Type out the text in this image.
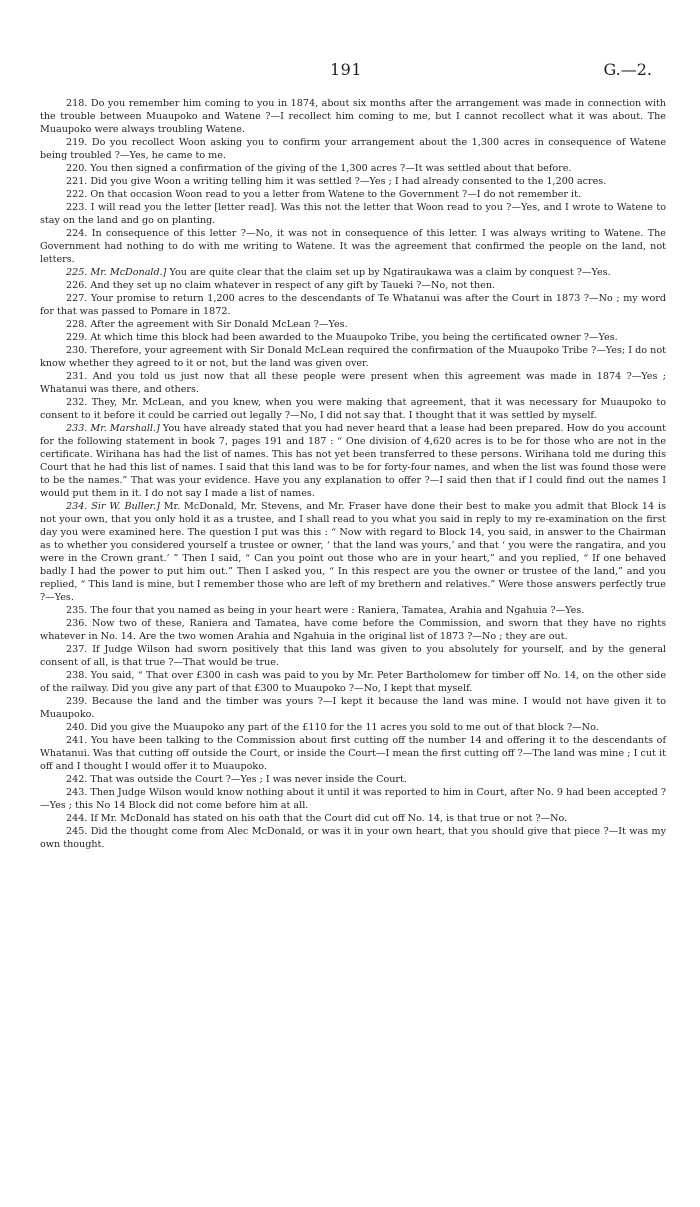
191	G.—2.

218. Do you remember him coming to you in 1874, about six months after the arrangement was made in connection with the trouble between Muaupoko and Watene ?—I recollect him coming to me, but I cannot recollect what it was about. The Muaupoko were always troubling Watene.

219. Do you recollect Woon asking you to confirm your arrangement about the 1,300 acres in consequence of Watene being troubled ?—Yes, he came to me.

220. You then signed a confirmation of the giving of the 1,300 acres ?—It was settled about that before.

221. Did you give Woon a writing telling him it was settled ?—Yes ; I had already consented to the 1,200 acres.

222. On that occasion Woon read to you a letter from Watene to the Government ?—I do not remember it.

223. I will read you the letter [letter read]. Was this not the letter that Woon read to you ?—Yes, and I wrote to Watene to stay on the land and go on planting.

224. In consequence of this letter ?—No, it was not in consequence of this letter. I was always writing to Watene. The Government had nothing to do with me writing to Watene. It was the agreement that confirmed the people on the land, not letters.

225. Mr. McDonald.] You are quite clear that the claim set up by Ngatiraukawa was a claim by conquest ?—Yes.

226. And they set up no claim whatever in respect of any gift by Taueki ?—No, not then.

227. Your promise to return 1,200 acres to the descendants of Te Whatanui was after the Court in 1873 ?—No ; my word for that was passed to Pomare in 1872.

228. After the agreement with Sir Donald McLean ?—Yes.

229. At which time this block had been awarded to the Muaupoko Tribe, you being the certificated owner ?—Yes.

230. Therefore, your agreement with Sir Donald McLean required the confirmation of the Muaupoko Tribe ?—Yes; I do not know whether they agreed to it or not, but the land was given over.

231. And you told us just now that all these people were present when this agreement was made in 1874 ?—Yes ; Whatanui was there, and others.

232. They, Mr. McLean, and you knew, when you were making that agreement, that it was necessary for Muaupoko to consent to it before it could be carried out legally ?—No, I did not say that. I thought that it was settled by myself.

233. Mr. Marshall.] You have already stated that you had never heard that a lease had been prepared. How do you account for the following statement in book 7, pages 191 and 187 : “ One division of 4,620 acres is to be for those who are not in the certificate. Wirihana has had the list of names. This has not yet been transferred to these persons. Wirihana told me during this Court that he had this list of names. I said that this land was to be for forty-four names, and when the list was found those were to be the names.” That was your evidence. Have you any explanation to offer ?—I said then that if I could find out the names I would put them in it. I do not say I made a list of names.

234. Sir W. Buller.] Mr. McDonald, Mr. Stevens, and Mr. Fraser have done their best to make you admit that Block 14 is not your own, that you only hold it as a trustee, and I shall read to you what you said in reply to my re-examination on the first day you were examined here. The question I put was this : “ Now with regard to Block 14, you said, in answer to the Chairman as to whether you considered yourself a trustee or owner, ‘ that the land was yours,’ and that ‘ you were the rangatira, and you were in the Crown grant.’ ” Then I said, “ Can you point out those who are in your heart,” and you replied, “ If one behaved badly I had the power to put him out.” Then I asked you, “ In this respect are you the owner or trustee of the land,” and you replied, “ This land is mine, but I remember those who are left of my brethern and relatives.” Were those answers perfectly true ?—Yes.

235. The four that you named as being in your heart were : Raniera, Tamatea, Arahia and Ngahuia ?—Yes.

236. Now two of these, Raniera and Tamatea, have come before the Commission, and sworn that they have no rights whatever in No. 14. Are the two women Arahia and Ngahuia in the original list of 1873 ?—No ; they are out.

237. If Judge Wilson had sworn positively that this land was given to you absolutely for yourself, and by the general consent of all, is that true ?—That would be true.

238. You said, “ That over £300 in cash was paid to you by Mr. Peter Bartholomew for timber off No. 14, on the other side of the railway. Did you give any part of that £300 to Muaupoko ?—No, I kept that myself.

239. Because the land and the timber was yours ?—I kept it because the land was mine. I would not have given it to Muaupoko.

240. Did you give the Muaupoko any part of the £110 for the 11 acres you sold to me out of that block ?—No.

241. You have been talking to the Commission about first cutting off the number 14 and offering it to the descendants of Whatanui. Was that cutting off outside the Court, or inside the Court—I mean the first cutting off ?—The land was mine ; I cut it off and I thought I would offer it to Muaupoko.

242. That was outside the Court ?—Yes ; I was never inside the Court.

243. Then Judge Wilson would know nothing about it until it was reported to him in Court, after No. 9 had been accepted ?—Yes ; this No 14 Block did not come before him at all.

244. If Mr. McDonald has stated on his oath that the Court did cut off No. 14, is that true or not ?—No.

245. Did the thought come from Alec McDonald, or was it in your own heart, that you should give that piece ?—It was my own thought.
